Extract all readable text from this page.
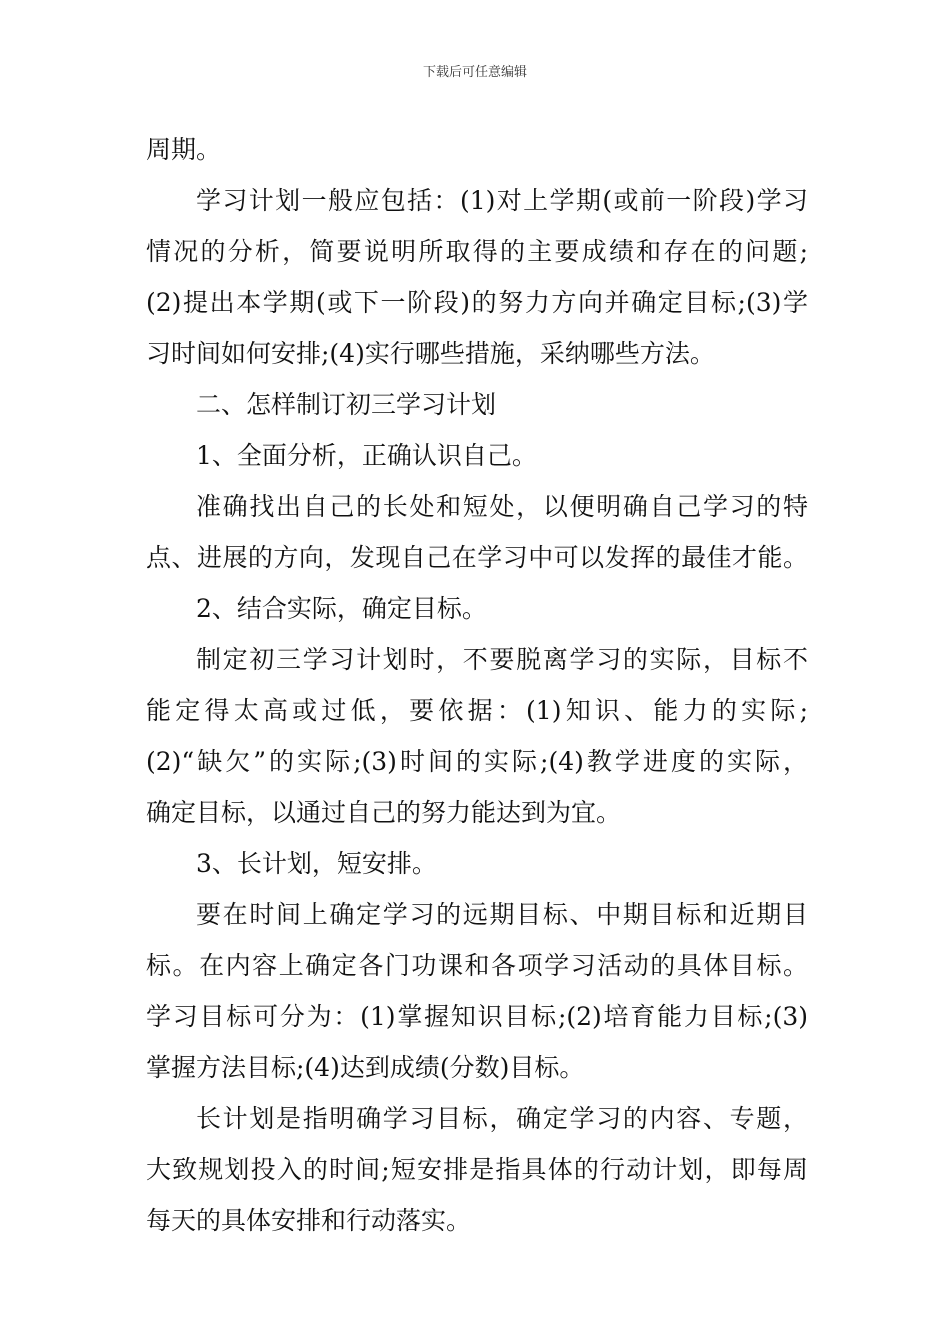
下载后可任意编辑
周期。
学习计划一般应包括：(1)对上学期(或前一阶段)学习
情况的分析，简要说明所取得的主要成绩和存在的问题;
(2)提出本学期(或下一阶段)的努力方向并确定目标;(3)学
习时间如何安排;(4)实行哪些措施，采纳哪些方法。
二、怎样制订初三学习计划
1、全面分析，正确认识自己。
准确找出自己的长处和短处，以便明确自己学习的特
点、进展的方向，发现自己在学习中可以发挥的最佳才能。
2、结合实际，确定目标。
制定初三学习计划时，不要脱离学习的实际，目标不
能定得太高或过低，要依据：(1)知识、能力的实际;
(2)“缺欠”的实际;(3)时间的实际;(4)教学进度的实际，
确定目标，以通过自己的努力能达到为宜。
3、长计划，短安排。
要在时间上确定学习的远期目标、中期目标和近期目
标。在内容上确定各门功课和各项学习活动的具体目标。
学习目标可分为：(1)掌握知识目标;(2)培育能力目标;(3)
掌握方法目标;(4)达到成绩(分数)目标。
长计划是指明确学习目标，确定学习的内容、专题，
大致规划投入的时间;短安排是指具体的行动计划，即每周
每天的具体安排和行动落实。
